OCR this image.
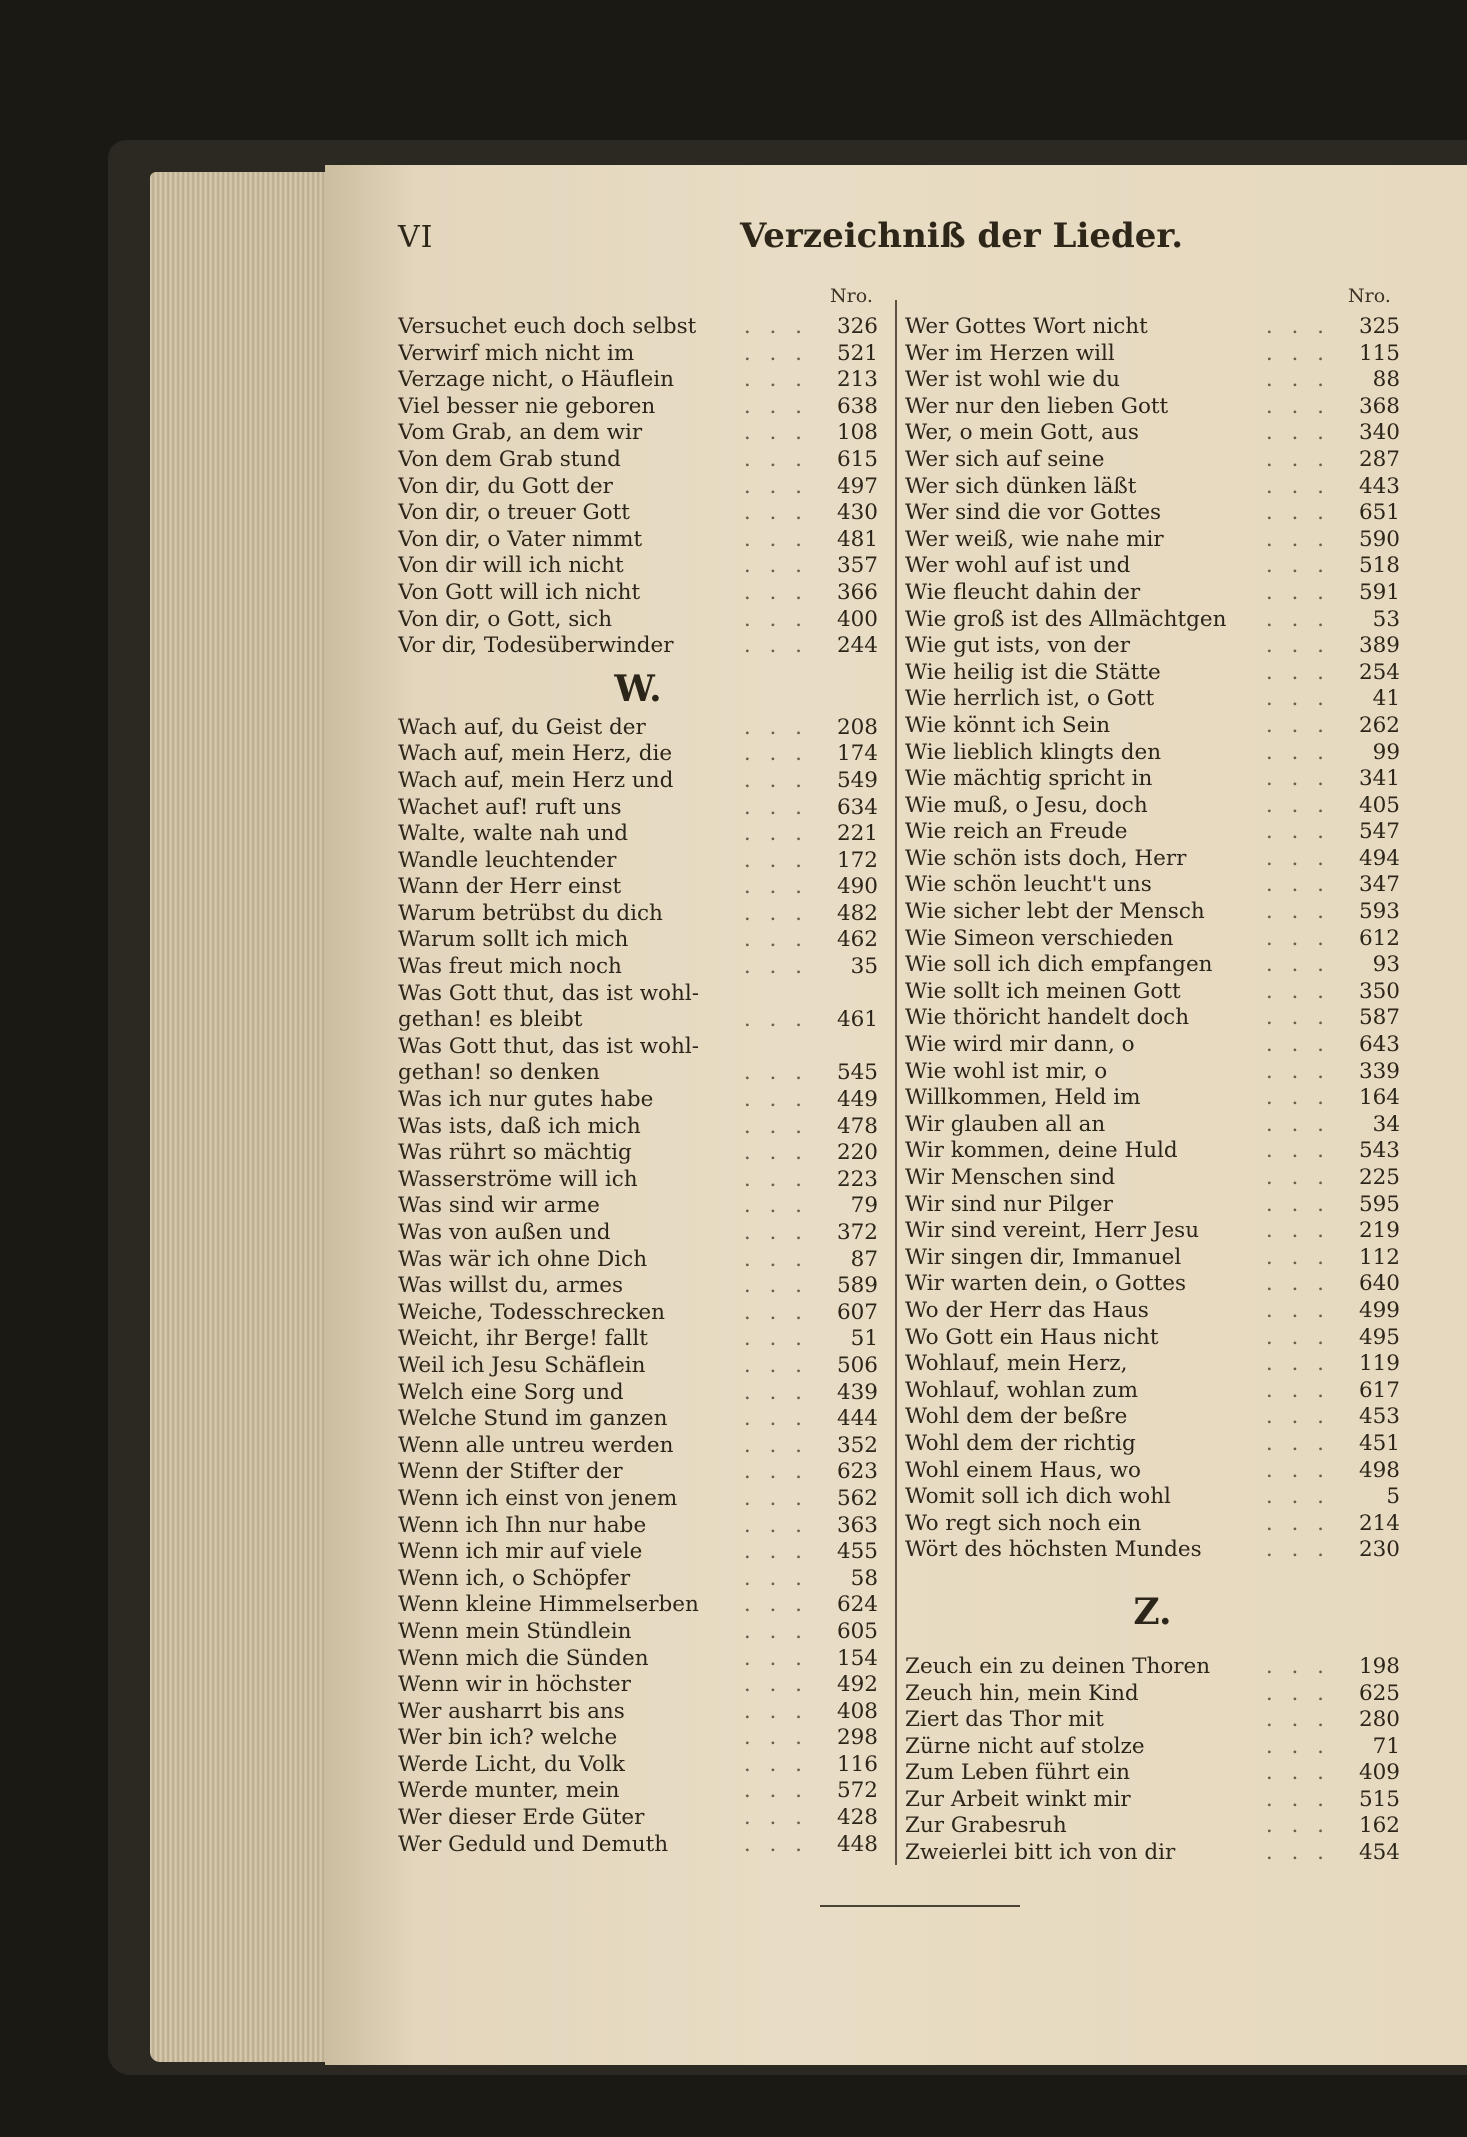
VI	Verzeichniß der Lieder.
Nro.	Nro.
Versuchet euch doch selbst . . .	326
Verwirf mich nicht im	. . .	521
Verzage nicht, o Häuflein	. . .	213
Viel besser nie geboren	. . .	638
Vom Grab, an dem wir	. . .	108
Von dem Grab stund	. . .	615
Von dir, du Gott der	. . .	497
Von dir, o treuer Gott	. . .	430
Von dir, o Vater nimmt	. . .	481
Von dir will ich nicht	. . .	357
Von Gott will ich nicht	. . .	366
Von dir, o Gott, sich	. . .	400
Vor dir, Todesüberwinder	. . .	244
W.
Wach auf, du Geist der	. . .	208
Wach auf, mein Herz, die	. . .	174
Wach auf, mein Herz und	. . .	549
Wachet auf! ruft uns	. . .	634
Walte, walte nah und	. . .	221
Wandle leuchtender	. . .	172
Wann der Herr einst	. . .	490
Warum betrübst du dich	. . .	482
Warum sollt ich mich	. . .	462
Was freut mich noch	. . .	35
Was Gott thut, das ist wohl-
gethan! es bleibt	. . .	461
Was Gott thut, das ist wohl-
gethan! so denken	. . .	545
Was ich nur gutes habe	. . .	449
Was ists, daß ich mich	. . .	478
Was rührt so mächtig	. . .	220
Wasserströme will ich	. . .	223
Was sind wir arme	. . .	79
Was von außen und	. . .	372
Was wär ich ohne Dich	. . .	87
Was willst du, armes	. . .	589
Weiche, Todesschrecken	. . .	607
Weicht, ihr Berge! fallt	. . .	51
Weil ich Jesu Schäflein	. . .	506
Welch eine Sorg und	. . .	439
Welche Stund im ganzen	. . .	444
Wenn alle untreu werden	. . .	352
Wenn der Stifter der	. . .	623
Wenn ich einst von jenem	. . .	562
Wenn ich Ihn nur habe	. . .	363
Wenn ich mir auf viele	. . .	455
Wenn ich, o Schöpfer	. . .	58
Wenn kleine Himmelserben . . .	624
Wenn mein Stündlein	. . .	605
Wenn mich die Sünden	. . .	154
Wenn wir in höchster	. . .	492
Wer ausharrt bis ans	. . .	408
Wer bin ich? welche	. . .	298
Werde Licht, du Volk	. . .	116
Werde munter, mein	. . .	572
Wer dieser Erde Güter	. . .	428
Wer Geduld und Demuth	. . .	448
Wer Gottes Wort nicht	. . .	325
Wer im Herzen will	. . .	115
Wer ist wohl wie du	. . .	88
Wer nur den lieben Gott	. . .	368
Wer, o mein Gott, aus	. . .	340
Wer sich auf seine	. . .	287
Wer sich dünken läßt	. . .	443
Wer sind die vor Gottes	. . .	651
Wer weiß, wie nahe mir	. . .	590
Wer wohl auf ist und	. . .	518
Wie fleucht dahin der	. . .	591
Wie groß ist des Allmächtgen . . .	53
Wie gut ists, von der	. . .	389
Wie heilig ist die Stätte	. . .	254
Wie herrlich ist, o Gott	. . .	41
Wie könnt ich Sein	. . .	262
Wie lieblich klingts den	. . .	99
Wie mächtig spricht in	. . .	341
Wie muß, o Jesu, doch	. . .	405
Wie reich an Freude	. . .	547
Wie schön ists doch, Herr	. . .	494
Wie schön leucht't uns	. . .	347
Wie sicher lebt der Mensch	. . .	593
Wie Simeon verschieden	. . .	612
Wie soll ich dich empfangen . . .	93
Wie sollt ich meinen Gott	. . .	350
Wie thöricht handelt doch	. . .	587
Wie wird mir dann, o	. . .	643
Wie wohl ist mir, o	. . .	339
Willkommen, Held im	. . .	164
Wir glauben all an	. . .	34
Wir kommen, deine Huld	. . .	543
Wir Menschen sind	. . .	225
Wir sind nur Pilger	. . .	595
Wir sind vereint, Herr Jesu	. . .	219
Wir singen dir, Immanuel	. . .	112
Wir warten dein, o Gottes	. . .	640
Wo der Herr das Haus	. . .	499
Wo Gott ein Haus nicht	. . .	495
Wohlauf, mein Herz,	. . .	119
Wohlauf, wohlan zum	. . .	617
Wohl dem der beßre	. . .	453
Wohl dem der richtig	. . .	451
Wohl einem Haus, wo	. . .	498
Womit soll ich dich wohl	. . .	5
Wo regt sich noch ein	. . .	214
Wört des höchsten Mundes	. . .	230
Z.
Zeuch ein zu deinen Thoren	. . .	198
Zeuch hin, mein Kind	. . .	625
Ziert das Thor mit	. . .	280
Zürne nicht auf stolze	. . .	71
Zum Leben führt ein	. . .	409
Zur Arbeit winkt mir	. . .	515
Zur Grabesruh	. . .	162
Zweierlei bitt ich von dir	. . .	454
